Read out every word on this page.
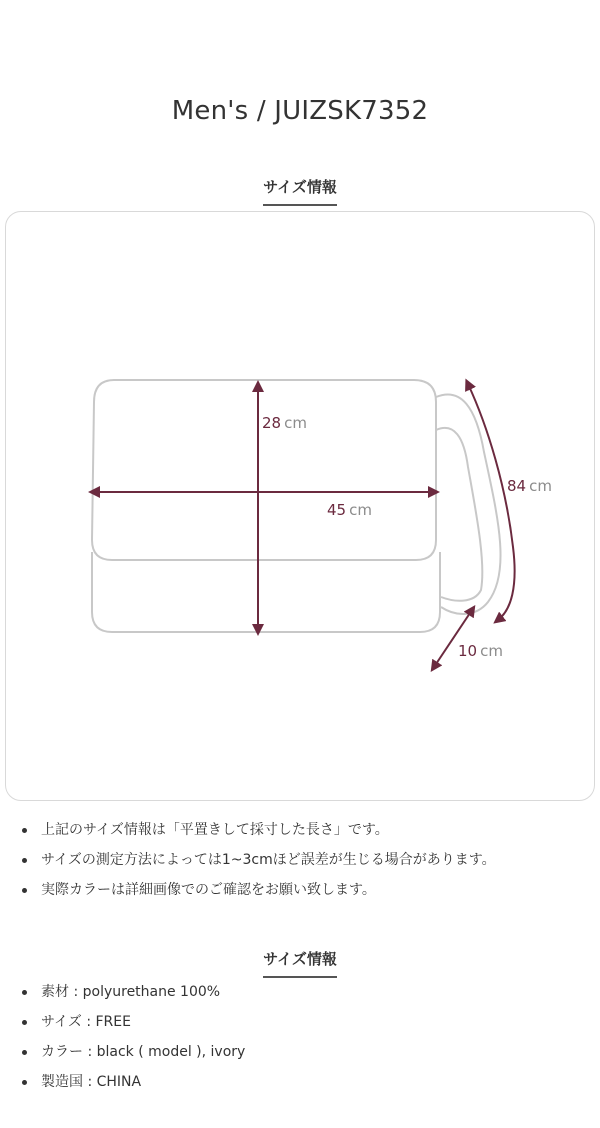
Men's / JUIZSK7352
サイズ情報
28 cm
45 cm
84 cm
10 cm
上記のサイズ情報は「平置きして採寸した長さ」です。
サイズの測定方法によっては1~3cmほど誤差が生じる場合があります。
実際カラーは詳細画像でのご確認をお願い致します。
サイズ情報
素材 : polyurethane 100%
サイズ : FREE
カラー : black ( model ), ivory
製造国 : CHINA
